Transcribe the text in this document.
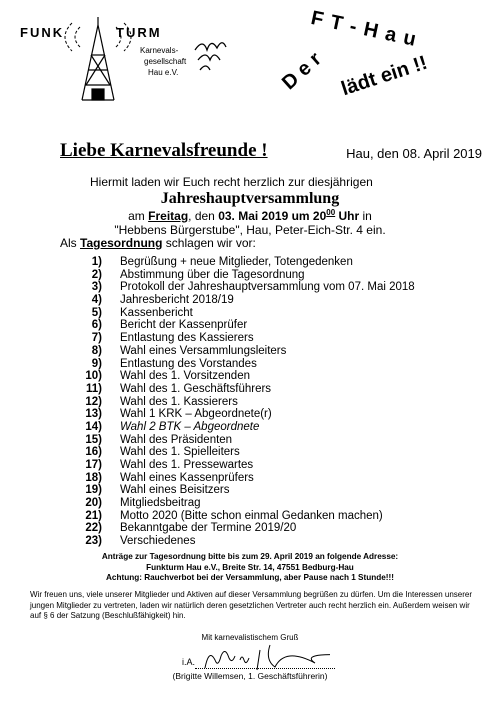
FUNK	TURM
Karnevals-
gesellschaft
Hau e.V.	D e r
F T - H a u
lädt ein !!
Liebe Karnevalsfreunde !	Hau, den 08. April 2019
Hiermit laden wir Euch recht herzlich zur diesjährigen
Jahreshauptversammlung
am Freitag, den 03. Mai 2019 um $20^{00}$ Uhr in
"Hebbens Bürgerstube", Hau, Peter-Eich-Str. 4 ein.
Als Tagesordnung schlagen wir vor:
1)	Begrüßung + neue Mitglieder, Totengedenken
2)	Abstimmung über die Tagesordnung
3)	Protokoll der Jahreshauptversammlung vom 07. Mai 2018
4)	Jahresbericht 2018/19
5)	Kassenbericht
6)	Bericht der Kassenprüfer
7)	Entlastung des Kassierers
8)	Wahl eines Versammlungsleiters
9)	Entlastung des Vorstandes
10)	Wahl des 1. Vorsitzenden
11)	Wahl des 1. Geschäftsführers
12)	Wahl des 1. Kassierers
13)	Wahl 1 KRK – Abgeordnete(r)
14)	Wahl 2 BTK – Abgeordnete
15)	Wahl des Präsidenten
16)	Wahl des 1. Spielleiters
17)	Wahl des 1. Pressewartes
18)	Wahl eines Kassenprüfers
19)	Wahl eines Beisitzers
20)	Mitgliedsbeitrag
21)	Motto 2020 (Bitte schon einmal Gedanken machen)
22)	Bekanntgabe der Termine 2019/20
23)	Verschiedenes
Anträge zur Tagesordnung bitte bis zum 29. April 2019 an folgende Adresse:
Funkturm Hau e.V., Breite Str. 14, 47551 Bedburg-Hau
Achtung: Rauchverbot bei der Versammlung, aber Pause nach 1 Stunde!!!
Wir freuen uns, viele unserer Mitglieder und Aktiven auf dieser Versammlung begrüßen zu dürfen. Um die Interessen unserer jungen Mitglieder zu vertreten, laden wir natürlich deren gesetzlichen Vertreter auch recht herzlich ein. Außerdem weisen wir auf § 6 der Satzung (Beschlußfähigkeit) hin.
Mit karnevalistischem Gruß
i.A.
(Brigitte Willemsen, 1. Geschäftsführerin)
